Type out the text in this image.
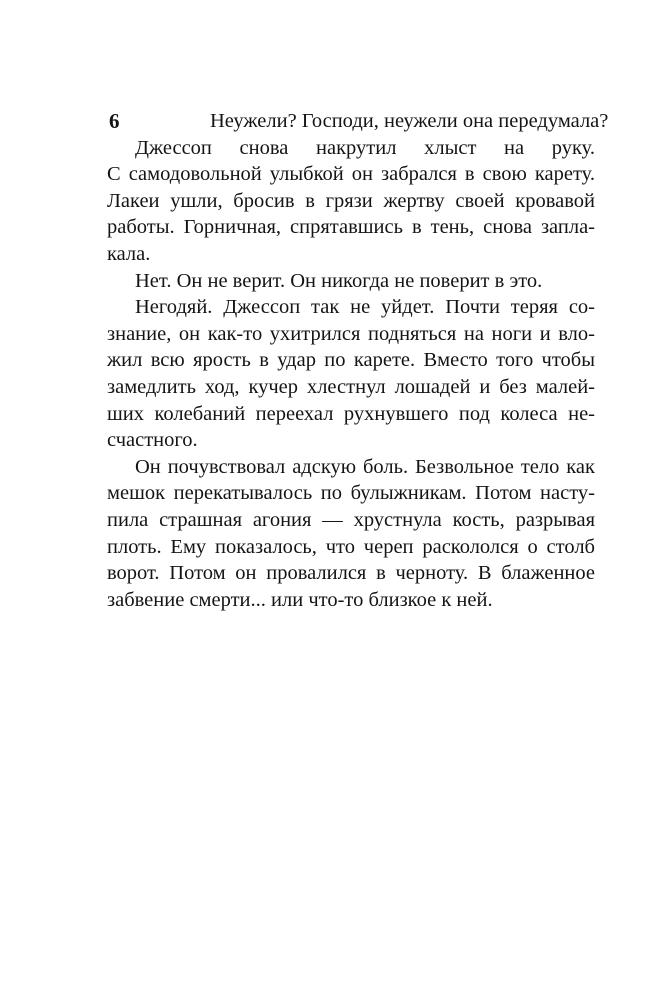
6	Неужели? Господи, неужели она передумала?
Джессоп снова накрутил хлыст на руку.
С самодовольной улыбкой он забрался в свою карету.
Лакеи ушли, бросив в грязи жертву своей кровавой
работы. Горничная, спрятавшись в тень, снова запла-
кала.
Нет. Он не верит. Он никогда не поверит в это.
Негодяй. Джессоп так не уйдет. Почти теряя со-
знание, он как-то ухитрился подняться на ноги и вло-
жил всю ярость в удар по карете. Вместо того чтобы
замедлить ход, кучер хлестнул лошадей и без малей-
ших колебаний переехал рухнувшего под колеса не-
счастного.
Он почувствовал адскую боль. Безвольное тело как
мешок перекатывалось по булыжникам. Потом насту-
пила страшная агония — хрустнула кость, разрывая
плоть. Ему показалось, что череп раскололся о столб
ворот. Потом он провалился в черноту. В блаженное
забвение смерти... или что-то близкое к ней.
